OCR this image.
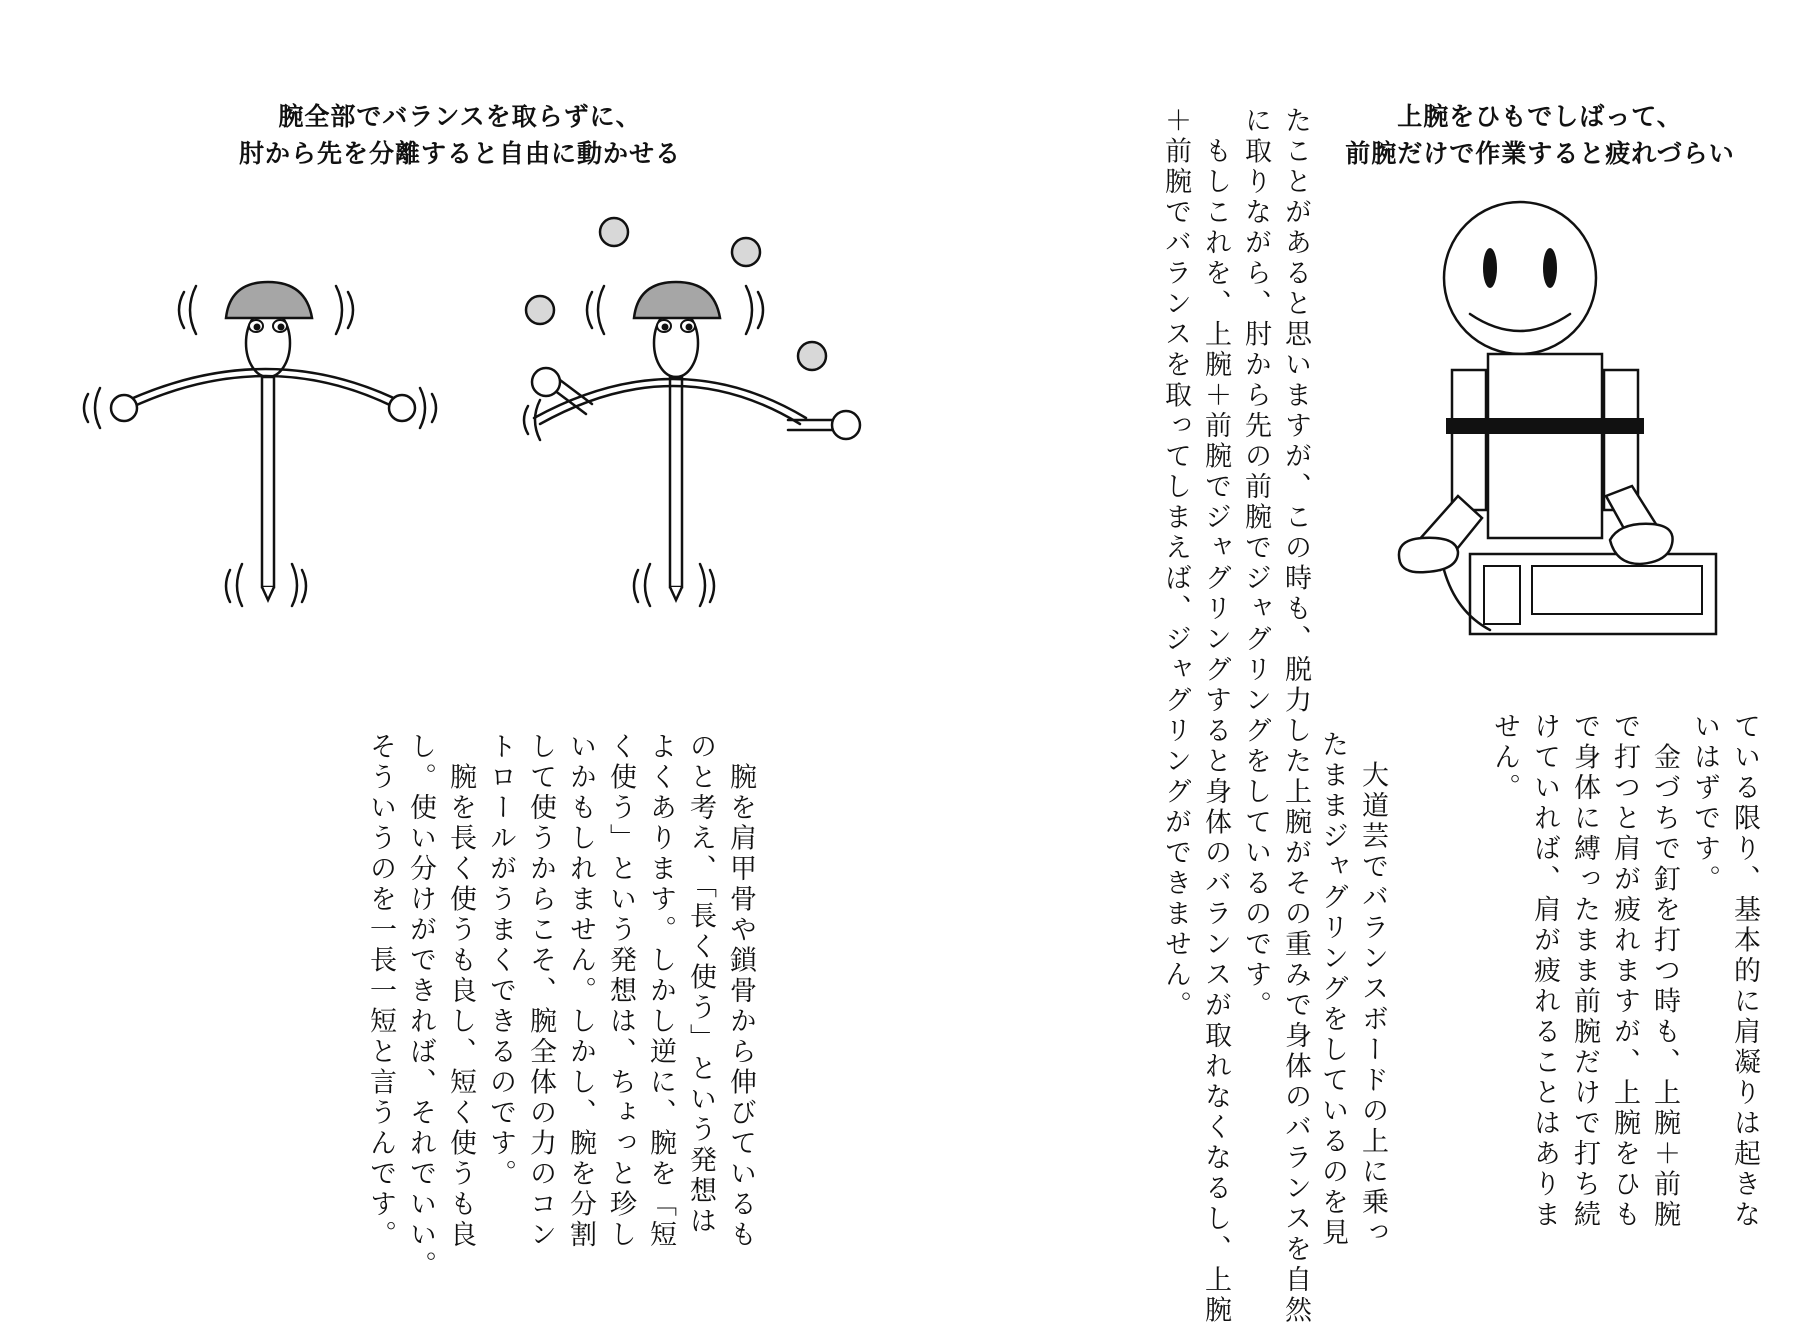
腕全部でバランスを取らずに、
肘から先を分離すると自由に動かせる
上腕をひもでしばって、
前腕だけで作業すると疲れづらい
ている限り、基本的に肩凝りは起きな
いはずです。
　金づちで釘を打つ時も、上腕＋前腕
で打つと肩が疲れますが、上腕をひも
で身体に縛ったまま前腕だけで打ち続
けていれば、肩が疲れることはありま
せん。
　大道芸でバランスボードの上に乗っ
たままジャグリングをしているのを見
たことがあると思いますが、この時も、脱力した上腕がその重みで身体のバランスを自然
に取りながら、肘から先の前腕でジャグリングをしているのです。
　もしこれを、上腕＋前腕でジャグリングすると身体のバランスが取れなくなるし、上腕
＋前腕でバランスを取ってしまえば、ジャグリングができません。
　腕を肩甲骨や鎖骨から伸びているも
のと考え、「長く使う」という発想は
よくあります。しかし逆に、腕を「短
く使う」という発想は、ちょっと珍し
いかもしれません。しかし、腕を分割
して使うからこそ、腕全体の力のコン
トロールがうまくできるのです。
　腕を長く使うも良し、短く使うも良
し。使い分けができれば、それでいい。
そういうのを一長一短と言うんです。
